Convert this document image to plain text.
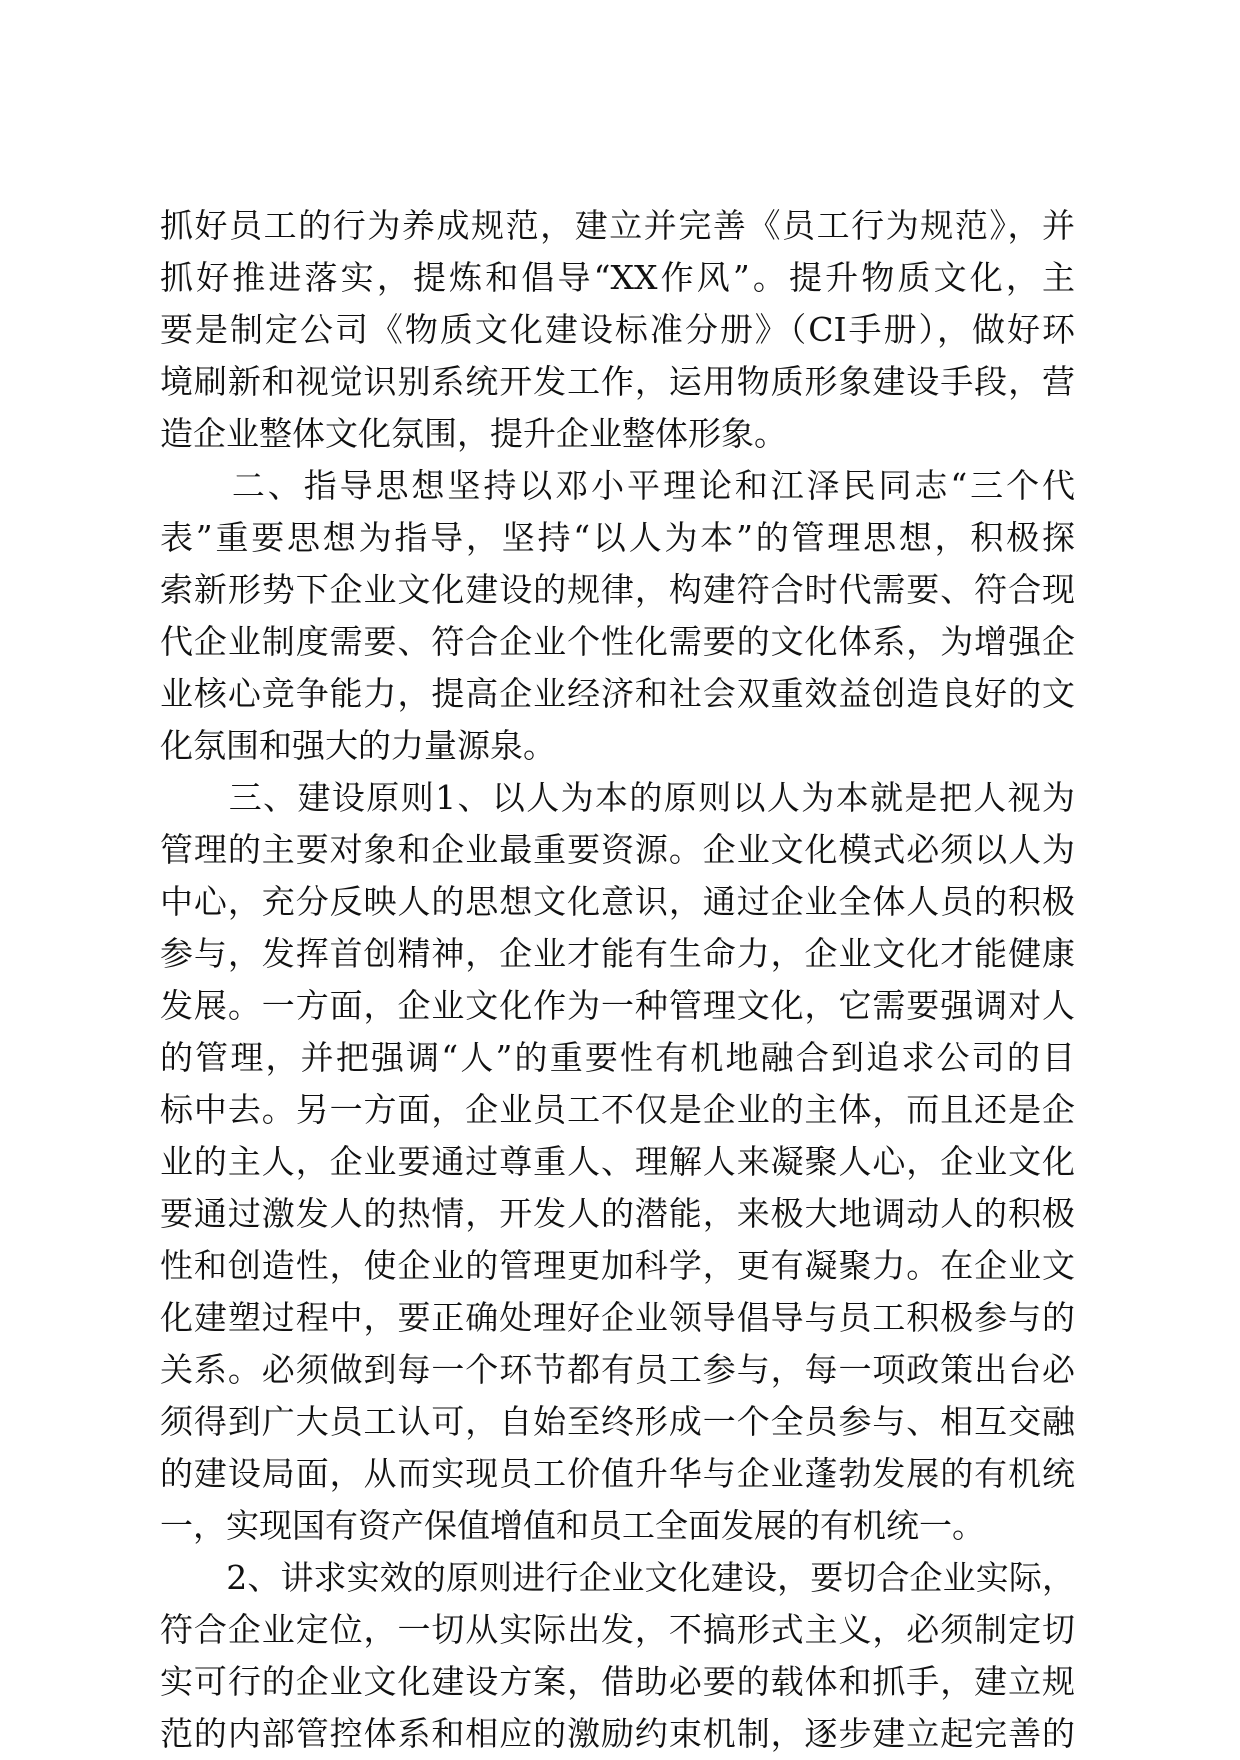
抓好员工的行为养成规范，建立并完善《员工行为规范》，并
抓好推进落实，提炼和倡导“XX作风”。提升物质文化，主
要是制定公司《物质文化建设标准分册》（CI手册），做好环
境刷新和视觉识别系统开发工作，运用物质形象建设手段，营
造企业整体文化氛围，提升企业整体形象。
　　二、指导思想坚持以邓小平理论和江泽民同志“三个代
表”重要思想为指导，坚持“以人为本”的管理思想，积极探
索新形势下企业文化建设的规律，构建符合时代需要、符合现
代企业制度需要、符合企业个性化需要的文化体系，为增强企
业核心竞争能力，提高企业经济和社会双重效益创造良好的文
化氛围和强大的力量源泉。
　　三、建设原则1、以人为本的原则以人为本就是把人视为
管理的主要对象和企业最重要资源。企业文化模式必须以人为
中心，充分反映人的思想文化意识，通过企业全体人员的积极
参与，发挥首创精神，企业才能有生命力，企业文化才能健康
发展。一方面，企业文化作为一种管理文化，它需要强调对人
的管理，并把强调“人”的重要性有机地融合到追求公司的目
标中去。另一方面，企业员工不仅是企业的主体，而且还是企
业的主人，企业要通过尊重人、理解人来凝聚人心，企业文化
要通过激发人的热情，开发人的潜能，来极大地调动人的积极
性和创造性，使企业的管理更加科学，更有凝聚力。在企业文
化建塑过程中，要正确处理好企业领导倡导与员工积极参与的
关系。必须做到每一个环节都有员工参与，每一项政策出台必
须得到广大员工认可，自始至终形成一个全员参与、相互交融
的建设局面，从而实现员工价值升华与企业蓬勃发展的有机统
一，实现国有资产保值增值和员工全面发展的有机统一。
　　2、讲求实效的原则进行企业文化建设，要切合企业实际，
符合企业定位，一切从实际出发，不搞形式主义，必须制定切
实可行的企业文化建设方案，借助必要的载体和抓手，建立规
范的内部管控体系和相应的激励约束机制，逐步建立起完善的
